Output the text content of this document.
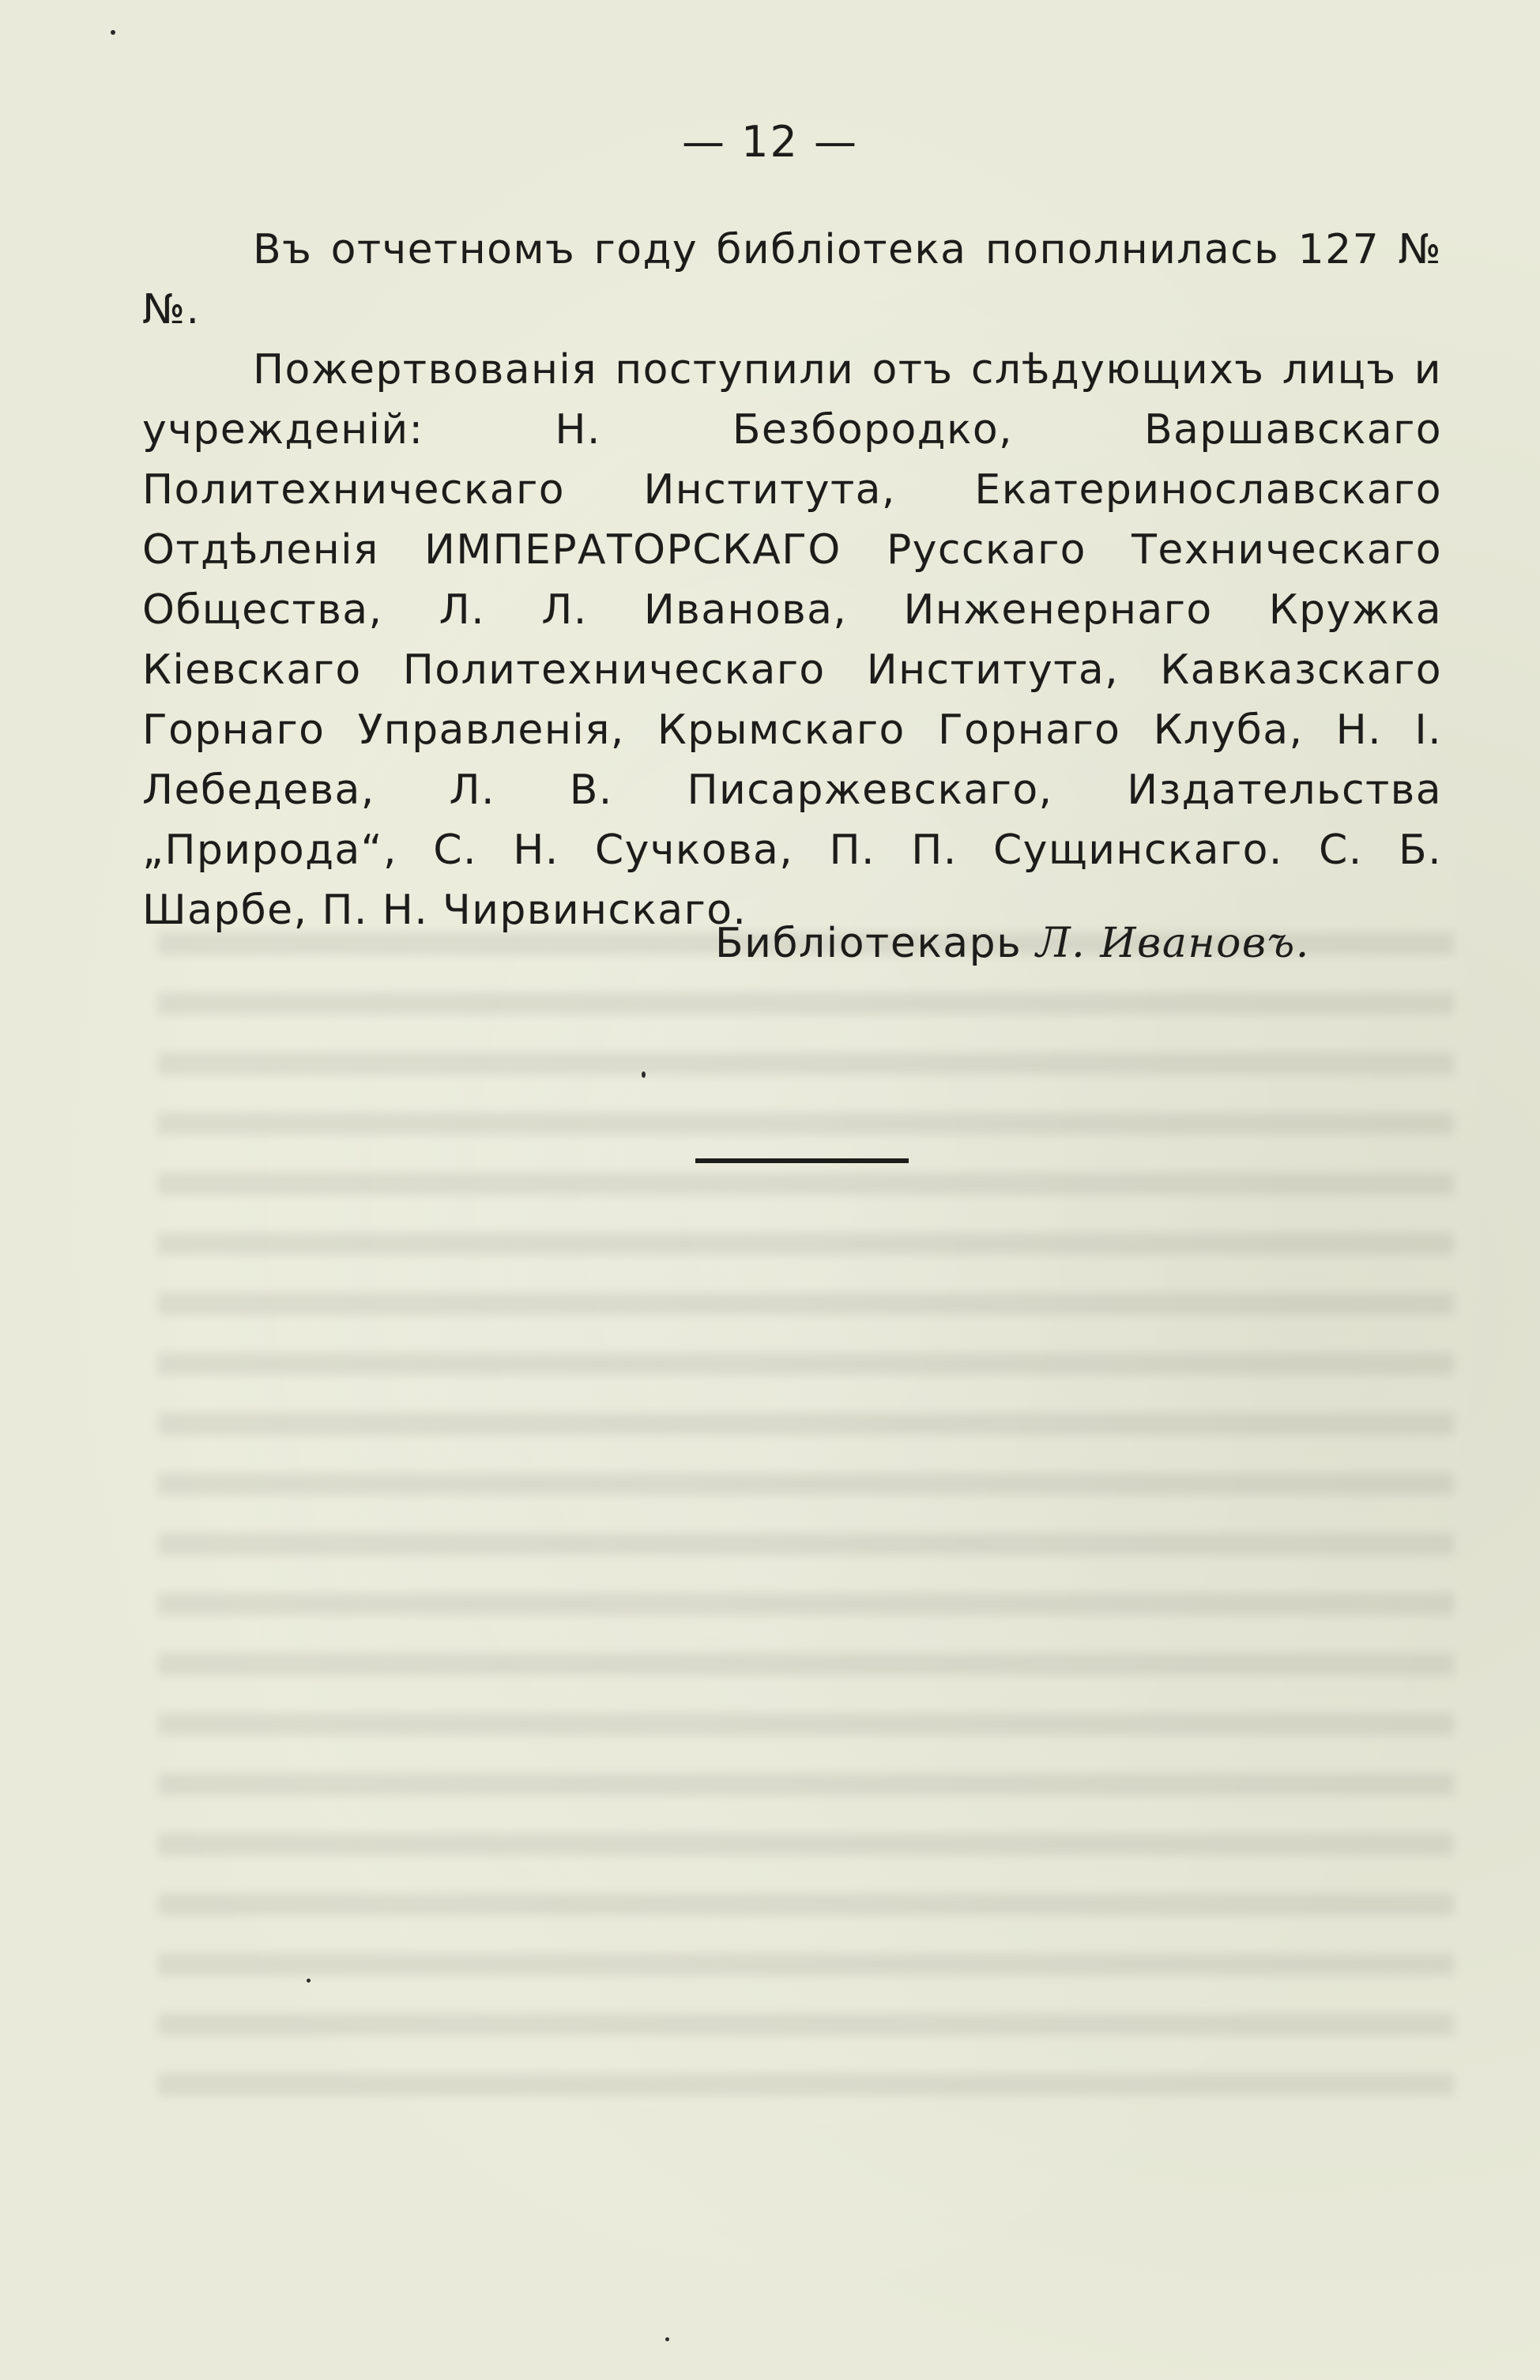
— 12 —

Въ отчетномъ году библіотека пополнилась 127 №№.

Пожертвованія поступили отъ слѣдующихъ лицъ и учрежденій: Н. Безбородко, Варшавскаго Политехническаго Института, Екатеринославскаго Отдѣленія ИМПЕРАТОРСКАГО Русскаго Техническаго Общества, Л. Л. Иванова, Инженернаго Кружка Кіевскаго Политехническаго Института, Кавказскаго Горнаго Управленія, Крымскаго Горнаго Клуба, Н. І. Лебедева, Л. В. Писаржевскаго, Издательства „Природа“, С. Н. Сучкова, П. П. Сущинскаго. С. Б. Шарбе, П. Н. Чирвинскаго.

Библіотекарь Л. Ивановъ.
